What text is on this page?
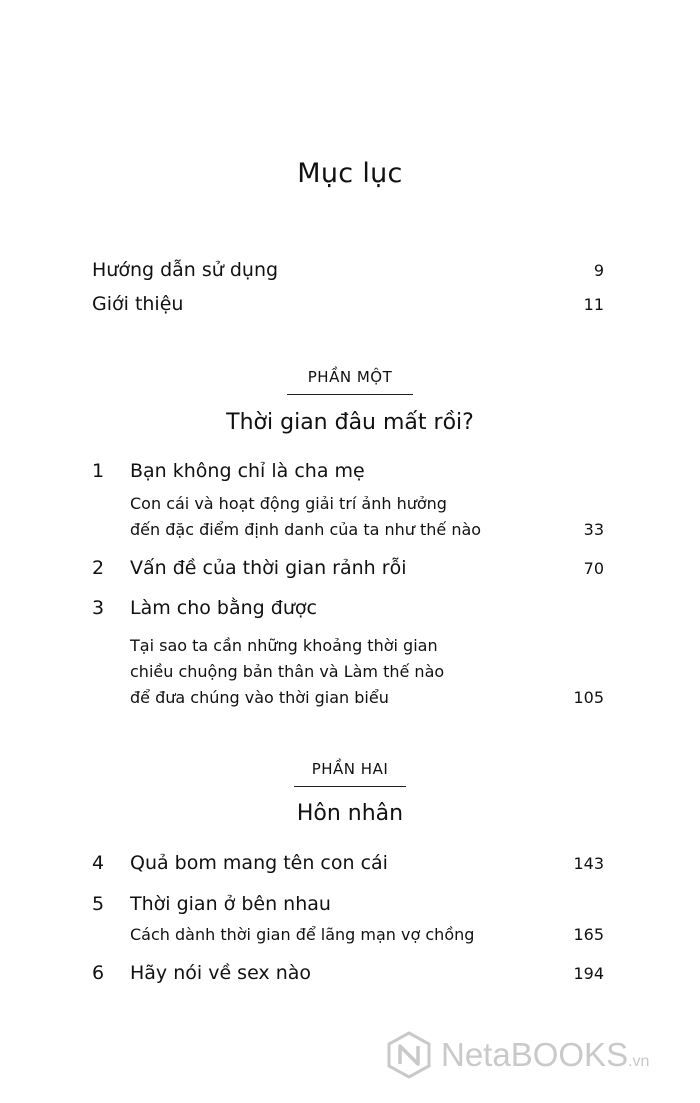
Mục lục
Hướng dẫn sử dụng	9
Giới thiệu	11
PHẦN MỘT
Thời gian đâu mất rồi?
1 Bạn không chỉ là cha mẹ
Con cái và hoạt động giải trí ảnh hưởng
đến đặc điểm định danh của ta như thế nào	33
2 Vấn đề của thời gian rảnh rỗi	70
3 Làm cho bằng được
Tại sao ta cần những khoảng thời gian
chiều chuộng bản thân và Làm thế nào
để đưa chúng vào thời gian biểu	105
PHẦN HAI
Hôn nhân
4 Quả bom mang tên con cái	143
5 Thời gian ở bên nhau
Cách dành thời gian để lãng mạn vợ chồng	165
6 Hãy nói về sex nào	194
NetaBOOKS.vn
